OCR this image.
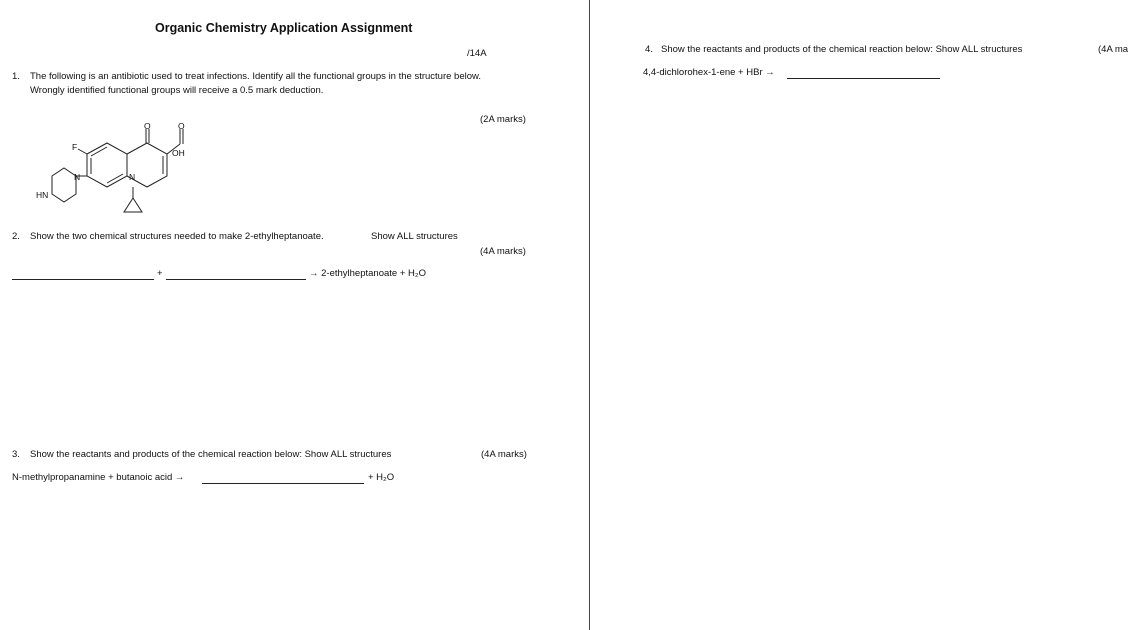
Organic Chemistry Application Assignment
/14A
1. The following is an antibiotic used to treat infections. Identify all the functional groups in the structure below.
Wrongly identified functional groups will receive a 0.5 mark deduction.
(2A marks)
F
O	O
OH
N	N
HN
2. Show the two chemical structures needed to make 2-ethylheptanoate.	Show ALL structures
(4A marks)
+	→ 2-ethylheptanoate + H₂O
3. Show the reactants and products of the chemical reaction below: Show ALL structures	(4A marks)
N-methylpropanamine + butanoic acid →	+ H₂O
4. Show the reactants and products of the chemical reaction below: Show ALL structures	(4A ma
4,4-dichlorohex-1-ene + HBr →
